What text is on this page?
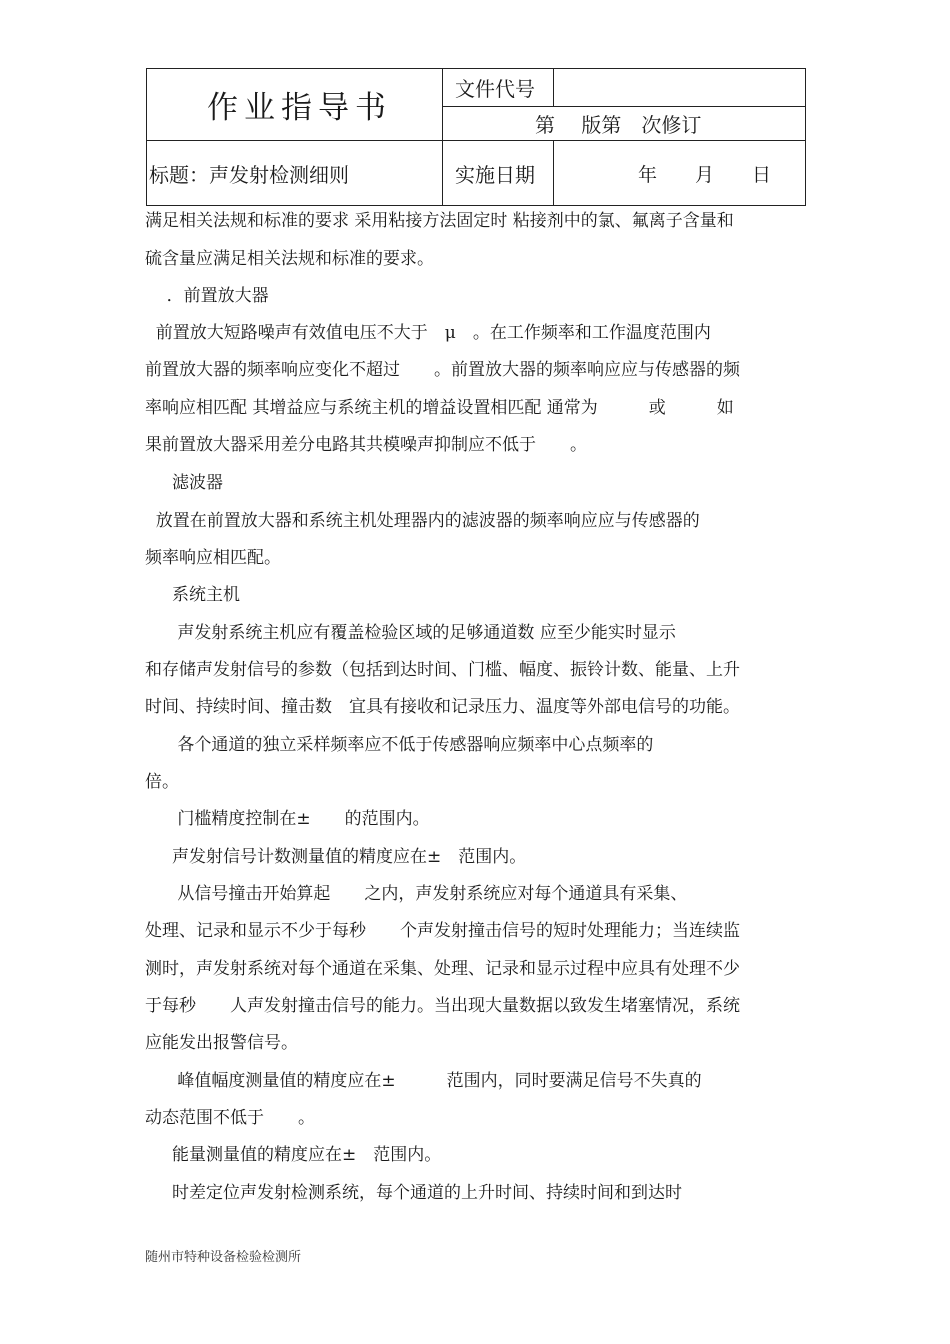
作业指导书	文件代号	
	第　 版第　次修订	
标题：声发射检测细则	实施日期	年　　月　　日
满足相关法规和标准的要求 采用粘接方法固定时 粘接剂中的氯、氟离子含量和
硫含量应满足相关法规和标准的要求。
．前置放大器
前置放大短路噪声有效值电压不大于　μ　。在工作频率和工作温度范围内
前置放大器的频率响应变化不超过　　。前置放大器的频率响应应与传感器的频
率响应相匹配 其增益应与系统主机的增益设置相匹配 通常为　　　或　　　如
果前置放大器采用差分电路其共模噪声抑制应不低于　　。
滤波器
放置在前置放大器和系统主机处理器内的滤波器的频率响应应与传感器的
频率响应相匹配。
系统主机
声发射系统主机应有覆盖检验区域的足够通道数 应至少能实时显示
和存储声发射信号的参数（包括到达时间、门槛、幅度、振铃计数、能量、上升
时间、持续时间、撞击数　宜具有接收和记录压力、温度等外部电信号的功能。
各个通道的独立采样频率应不低于传感器响应频率中心点频率的
倍。
门槛精度控制在±　　的范围内。
声发射信号计数测量值的精度应在±　范围内。
从信号撞击开始算起　　之内，声发射系统应对每个通道具有采集、
处理、记录和显示不少于每秒　　个声发射撞击信号的短时处理能力；当连续监
测时，声发射系统对每个通道在采集、处理、记录和显示过程中应具有处理不少
于每秒　　人声发射撞击信号的能力。当出现大量数据以致发生堵塞情况，系统
应能发出报警信号。
峰值幅度测量值的精度应在±　　　范围内，同时要满足信号不失真的
动态范围不低于　　。
能量测量值的精度应在±　范围内。
时差定位声发射检测系统，每个通道的上升时间、持续时间和到达时
随州市特种设备检验检测所
